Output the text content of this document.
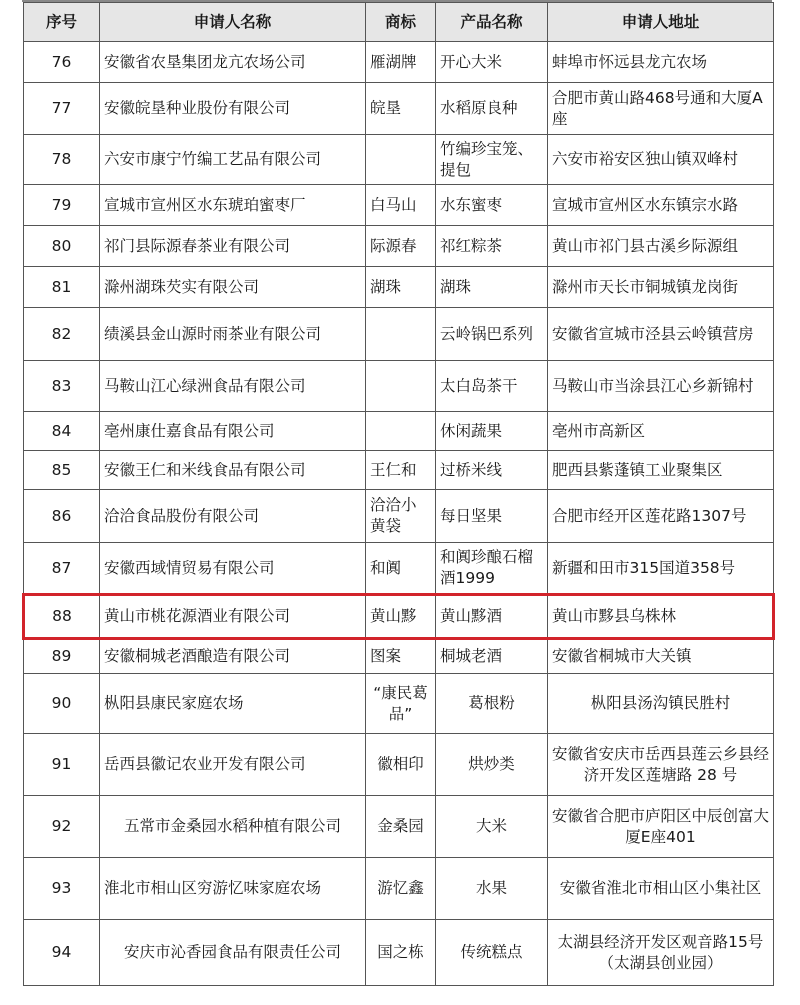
序号	申请人名称	商标	产品名称	申请人地址
76	安徽省农垦集团龙亢农场公司	雁湖牌	开心大米	蚌埠市怀远县龙亢农场
77	安徽皖垦种业股份有限公司	皖垦	水稻原良种	合肥市黄山路468号通和大厦A座
78	六安市康宁竹编工艺品有限公司		竹编珍宝笼、提包	六安市裕安区独山镇双峰村
79	宣城市宣州区水东琥珀蜜枣厂	白马山	水东蜜枣	宣城市宣州区水东镇宗水路
80	祁门县际源春茶业有限公司	际源春	祁红粽茶	黄山市祁门县古溪乡际源组
81	滁州湖珠芡实有限公司	湖珠	湖珠	滁州市天长市铜城镇龙岗街
82	绩溪县金山源时雨茶业有限公司		云岭锅巴系列	安徽省宣城市泾县云岭镇营房
83	马鞍山江心绿洲食品有限公司		太白岛茶干	马鞍山市当涂县江心乡新锦村
84	亳州康仕嘉食品有限公司		休闲蔬果	亳州市高新区
85	安徽王仁和米线食品有限公司	王仁和	过桥米线	肥西县紫蓬镇工业聚集区
86	洽洽食品股份有限公司	洽洽小黄袋	每日坚果	合肥市经开区莲花路1307号
87	安徽西域情贸易有限公司	和阗	和阗珍酿石榴酒1999	新疆和田市315国道358号
88	黄山市桃花源酒业有限公司	黄山黟	黄山黟酒	黄山市黟县乌株林
89	安徽桐城老酒酿造有限公司	图案	桐城老酒	安徽省桐城市大关镇
90	枞阳县康民家庭农场	“康民葛品”	葛根粉	枞阳县汤沟镇民胜村
91	岳西县徽记农业开发有限公司	徽相印	烘炒类	安徽省安庆市岳西县莲云乡县经济开发区莲塘路 28 号
92	五常市金桑园水稻种植有限公司	金桑园	大米	安徽省合肥市庐阳区中辰创富大厦E座401
93	淮北市相山区穷游忆味家庭农场	游忆鑫	水果	安徽省淮北市相山区小集社区
94	安庆市沁香园食品有限责任公司	国之栋	传统糕点	太湖县经济开发区观音路15号（太湖县创业园）
